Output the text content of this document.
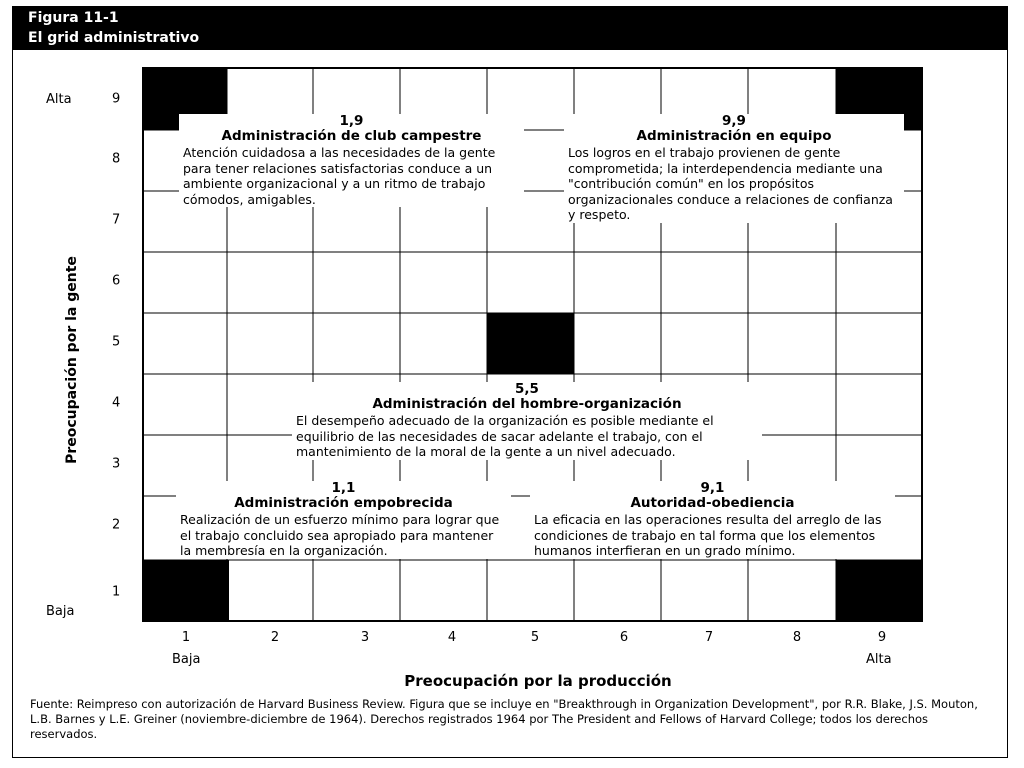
Figura 11-1
El grid administrativo
Preocupación por la gente
Alta
Baja
9
8
7
6
5
4
3
2
1
1,9
Administración de club campestre
Atención cuidadosa a las necesidades de la gente para tener relaciones satisfactorias conduce a un ambiente organizacional y a un ritmo de trabajo cómodos, amigables.
9,9
Administración en equipo
Los logros en el trabajo provienen de gente comprometida; la interdependencia mediante una "contribución común" en los propósitos organizacionales conduce a relaciones de confianza y respeto.
5,5
Administración del hombre-organización
El desempeño adecuado de la organización es posible mediante el equilibrio de las necesidades de sacar adelante el trabajo, con el mantenimiento de la moral de la gente a un nivel adecuado.
1,1
Administración empobrecida
Realización de un esfuerzo mínimo para lograr que el trabajo concluido sea apropiado para mantener la membresía en la organización.
9,1
Autoridad-obediencia
La eficacia en las operaciones resulta del arreglo de las condiciones de trabajo en tal forma que los elementos humanos interfieran en un grado mínimo.
1	2	3	4	5	6	7	8	9
Baja	Alta
Preocupación por la producción
Fuente: Reimpreso con autorización de Harvard Business Review. Figura que se incluye en "Breakthrough in Organization Development", por R.R. Blake, J.S. Mouton, L.B. Barnes y L.E. Greiner (noviembre-diciembre de 1964). Derechos registrados 1964 por The President and Fellows of Harvard College; todos los derechos reservados.
